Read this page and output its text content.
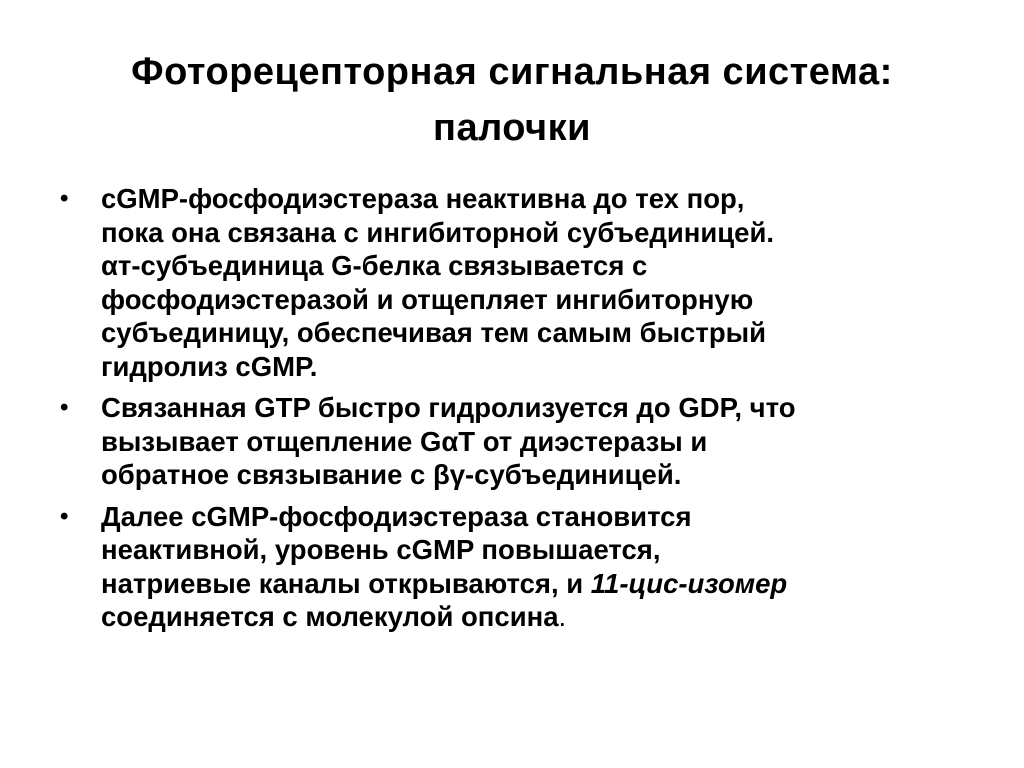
Фоторецепторная сигнальная система:
палочки
• cGMP-фосфодиэстераза неактивна до тех пор,
пока она связана с ингибиторной субъединицей.
αт-субъединица G-белка связывается с
фосфодиэстеразой и отщепляет ингибиторную
субъединицу, обеспечивая тем самым быстрый
гидролиз cGMP.
• Связанная GTP быстро гидролизуется до GDP, что
вызывает отщепление GαT от диэстеразы и
обратное связывание с βγ-субъединицей.
• Далее cGMP-фосфодиэстераза становится
неактивной, уровень cGMP повышается,
натриевые каналы открываются, и 11-цис-изомер
соединяется с молекулой опсина.
